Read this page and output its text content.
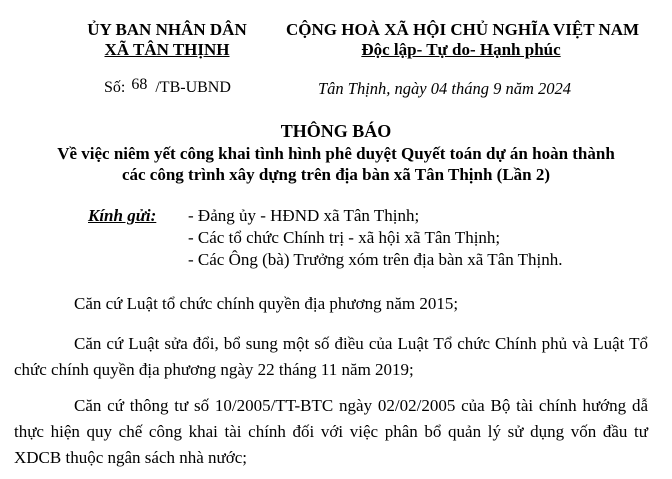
ỦY BAN NHÂN DÂN
XÃ TÂN THỊNH
CỘNG HOÀ XÃ HỘI CHỦ NGHĨA VIỆT NAM
Độc lập- Tự do- Hạnh phúc
Số: 68 /TB-UBND	Tân Thịnh, ngày 04 tháng 9 năm 2024
THÔNG BÁO
Về việc niêm yết công khai tình hình phê duyệt Quyết toán dự án hoàn thành
các công trình xây dựng trên địa bàn xã Tân Thịnh (Lần 2)
Kính gửi: - Đảng ủy - HĐND xã Tân Thịnh;
- Các tổ chức Chính trị - xã hội xã Tân Thịnh;
- Các Ông (bà) Trưởng xóm trên địa bàn xã Tân Thịnh.
Căn cứ Luật tổ chức chính quyền địa phương năm 2015;
Căn cứ Luật sửa đổi, bổ sung một số điều của Luật Tổ chức Chính phủ và Luật Tổ chức chính quyền địa phương ngày 22 tháng 11 năm 2019;
Căn cứ thông tư số 10/2005/TT-BTC ngày 02/02/2005 của Bộ tài chính hướng dẫ thực hiện quy chế công khai tài chính đối với việc phân bổ quản lý sử dụng vốn đầu tư XDCB thuộc ngân sách nhà nước;
